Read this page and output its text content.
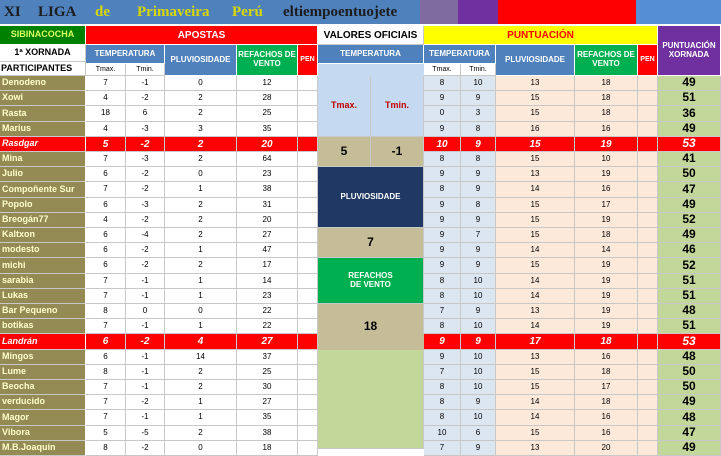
XI	LIGA	de	Primaveira Perú	eltiempoentuojete
SIBINACOCHA	APOSTAS	VALORES OFICIAIS	PUNTUACIÓN
PUNTUACIÓN XORNADA
1ª XORNADA
PARTICIPANTES
TEMPERATURA
Tmax.	Tmin.
PLUVIOSIDADE REFACHOS DE VENTO	PEN
TEMPERATURA	TEMPERATURA
Tmax.	Tmin.
PLUVIOSIDADE	REFACHOS DE VENTO	PEN
Denodeno	7	-1	0	12	8	10	13	18	49
Xowi	4	-2	2	28	9	9	15	18	51
Rasta	18	6	2	25	0	3	15	18	36
Marius	4	-3	3	35	9	8	16	16	49
Rasdgar	5	-2	2	20	10	9	15	19	53
Mina	7	-3	2	64	8	8	15	10	41
Julio	6	-2	0	23	9	9	13	19	50
Compoñente Sur	7	-2	1	38	8	9	14	16	47
Popolo	6	-3	2	31	9	8	15	17	49
Breogán77	4	-2	2	20	9	9	15	19	52
Kaltxon	6	-4	2	27	9	7	15	18	49
modesto	6	-2	1	47	9	9	14	14	46
michi	6	-2	2	17	9	9	15	19	52
sarabia	7	-1	1	14	8	10	14	19	51
Lukas	7	-1	1	23	8	10	14	19	51
Bar Pequeno	8	0	0	22	7	9	13	19	48
botikas	7	-1	1	22	8	10	14	19	51
Landrán	6	-2	4	27	9	9	17	18	53
Mingos	6	-1	14	37	9	10	13	16	48
Lume	8	-1	2	25	7	10	15	18	50
Beocha	7	-1	2	30	8	10	15	17	50
verducido	7	-2	1	27	8	9	14	18	49
Magor	7	-1	1	35	8	10	14	16	48
Vibora	5	-5	2	38	10	6	15	16	47
M.B.Joaquín	8	-2	0	18	7	9	13	20	49
Tmax.	Tmin.
5	-1
PLUVIOSIDADE
7
REFACHOS DE VENTO
18
